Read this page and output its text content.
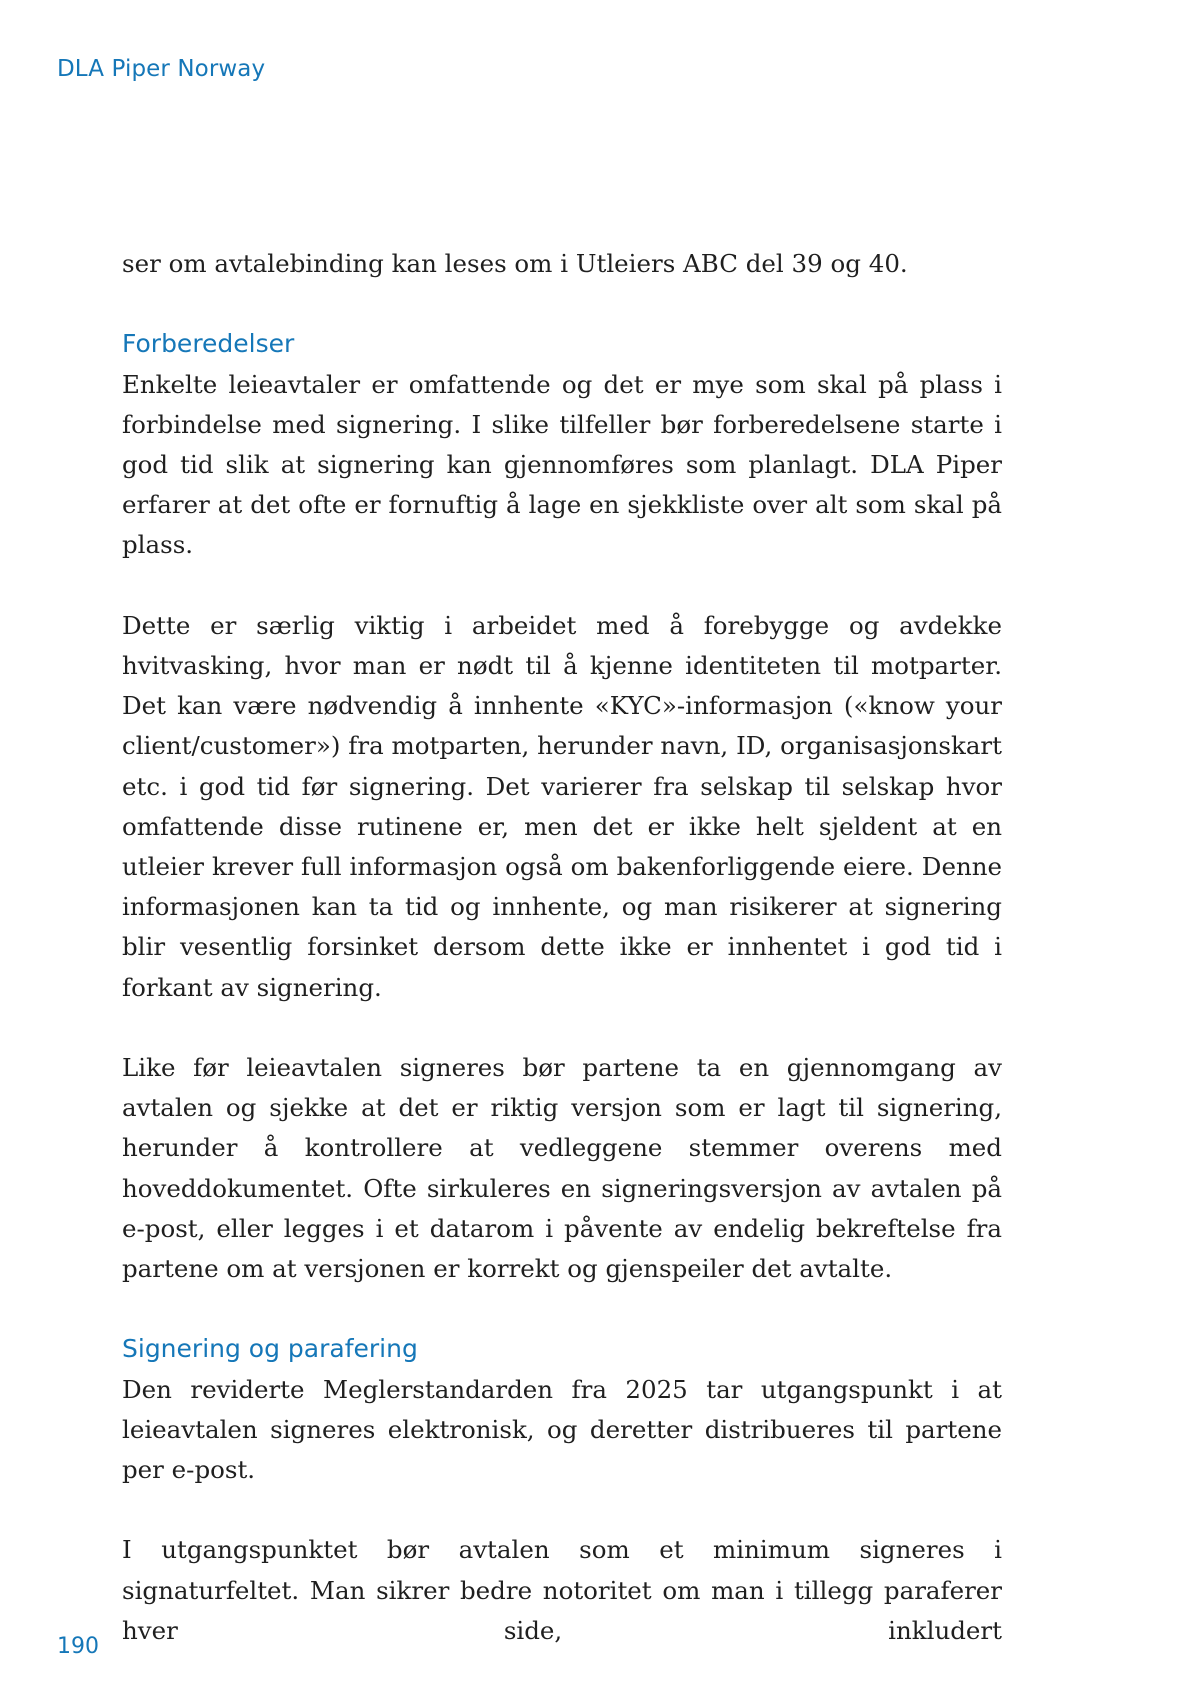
DLA Piper Norway

ser om avtalebinding kan leses om i Utleiers ABC del 39 og 40.

Forberedelser

Enkelte leieavtaler er omfattende og det er mye som skal på plass i forbindelse med signering. I slike tilfeller bør forberedelsene starte i god tid slik at signering kan gjennomføres som planlagt. DLA Piper erfarer at det ofte er fornuftig å lage en sjekkliste over alt som skal på plass.

Dette er særlig viktig i arbeidet med å forebygge og avdekke hvitvasking, hvor man er nødt til å kjenne identiteten til motparter. Det kan være nødvendig å innhente «KYC»-informasjon («know your client/customer») fra motparten, herunder navn, ID, organisasjonskart etc. i god tid før signering. Det varierer fra selskap til selskap hvor omfattende disse rutinene er, men det er ikke helt sjeldent at en utleier krever full informasjon også om bakenforliggende eiere. Denne informasjonen kan ta tid og innhente, og man risikerer at signering blir vesentlig forsinket dersom dette ikke er innhentet i god tid i forkant av signering.

Like før leieavtalen signeres bør partene ta en gjennomgang av avtalen og sjekke at det er riktig versjon som er lagt til signering, herunder å kontrollere at vedleggene stemmer overens med hoveddokumentet. Ofte sirkuleres en signeringsversjon av avtalen på e-post, eller legges i et datarom i påvente av endelig bekreftelse fra partene om at versjonen er korrekt og gjenspeiler det avtalte.

Signering og parafering

Den reviderte Meglerstandarden fra 2025 tar utgangspunkt i at leieavtalen signeres elektronisk, og deretter distribueres til partene per e-post.

I utgangspunktet bør avtalen som et minimum signeres i signaturfeltet. Man sikrer bedre notoritet om man i tillegg paraferer hver side, inkludert

190
